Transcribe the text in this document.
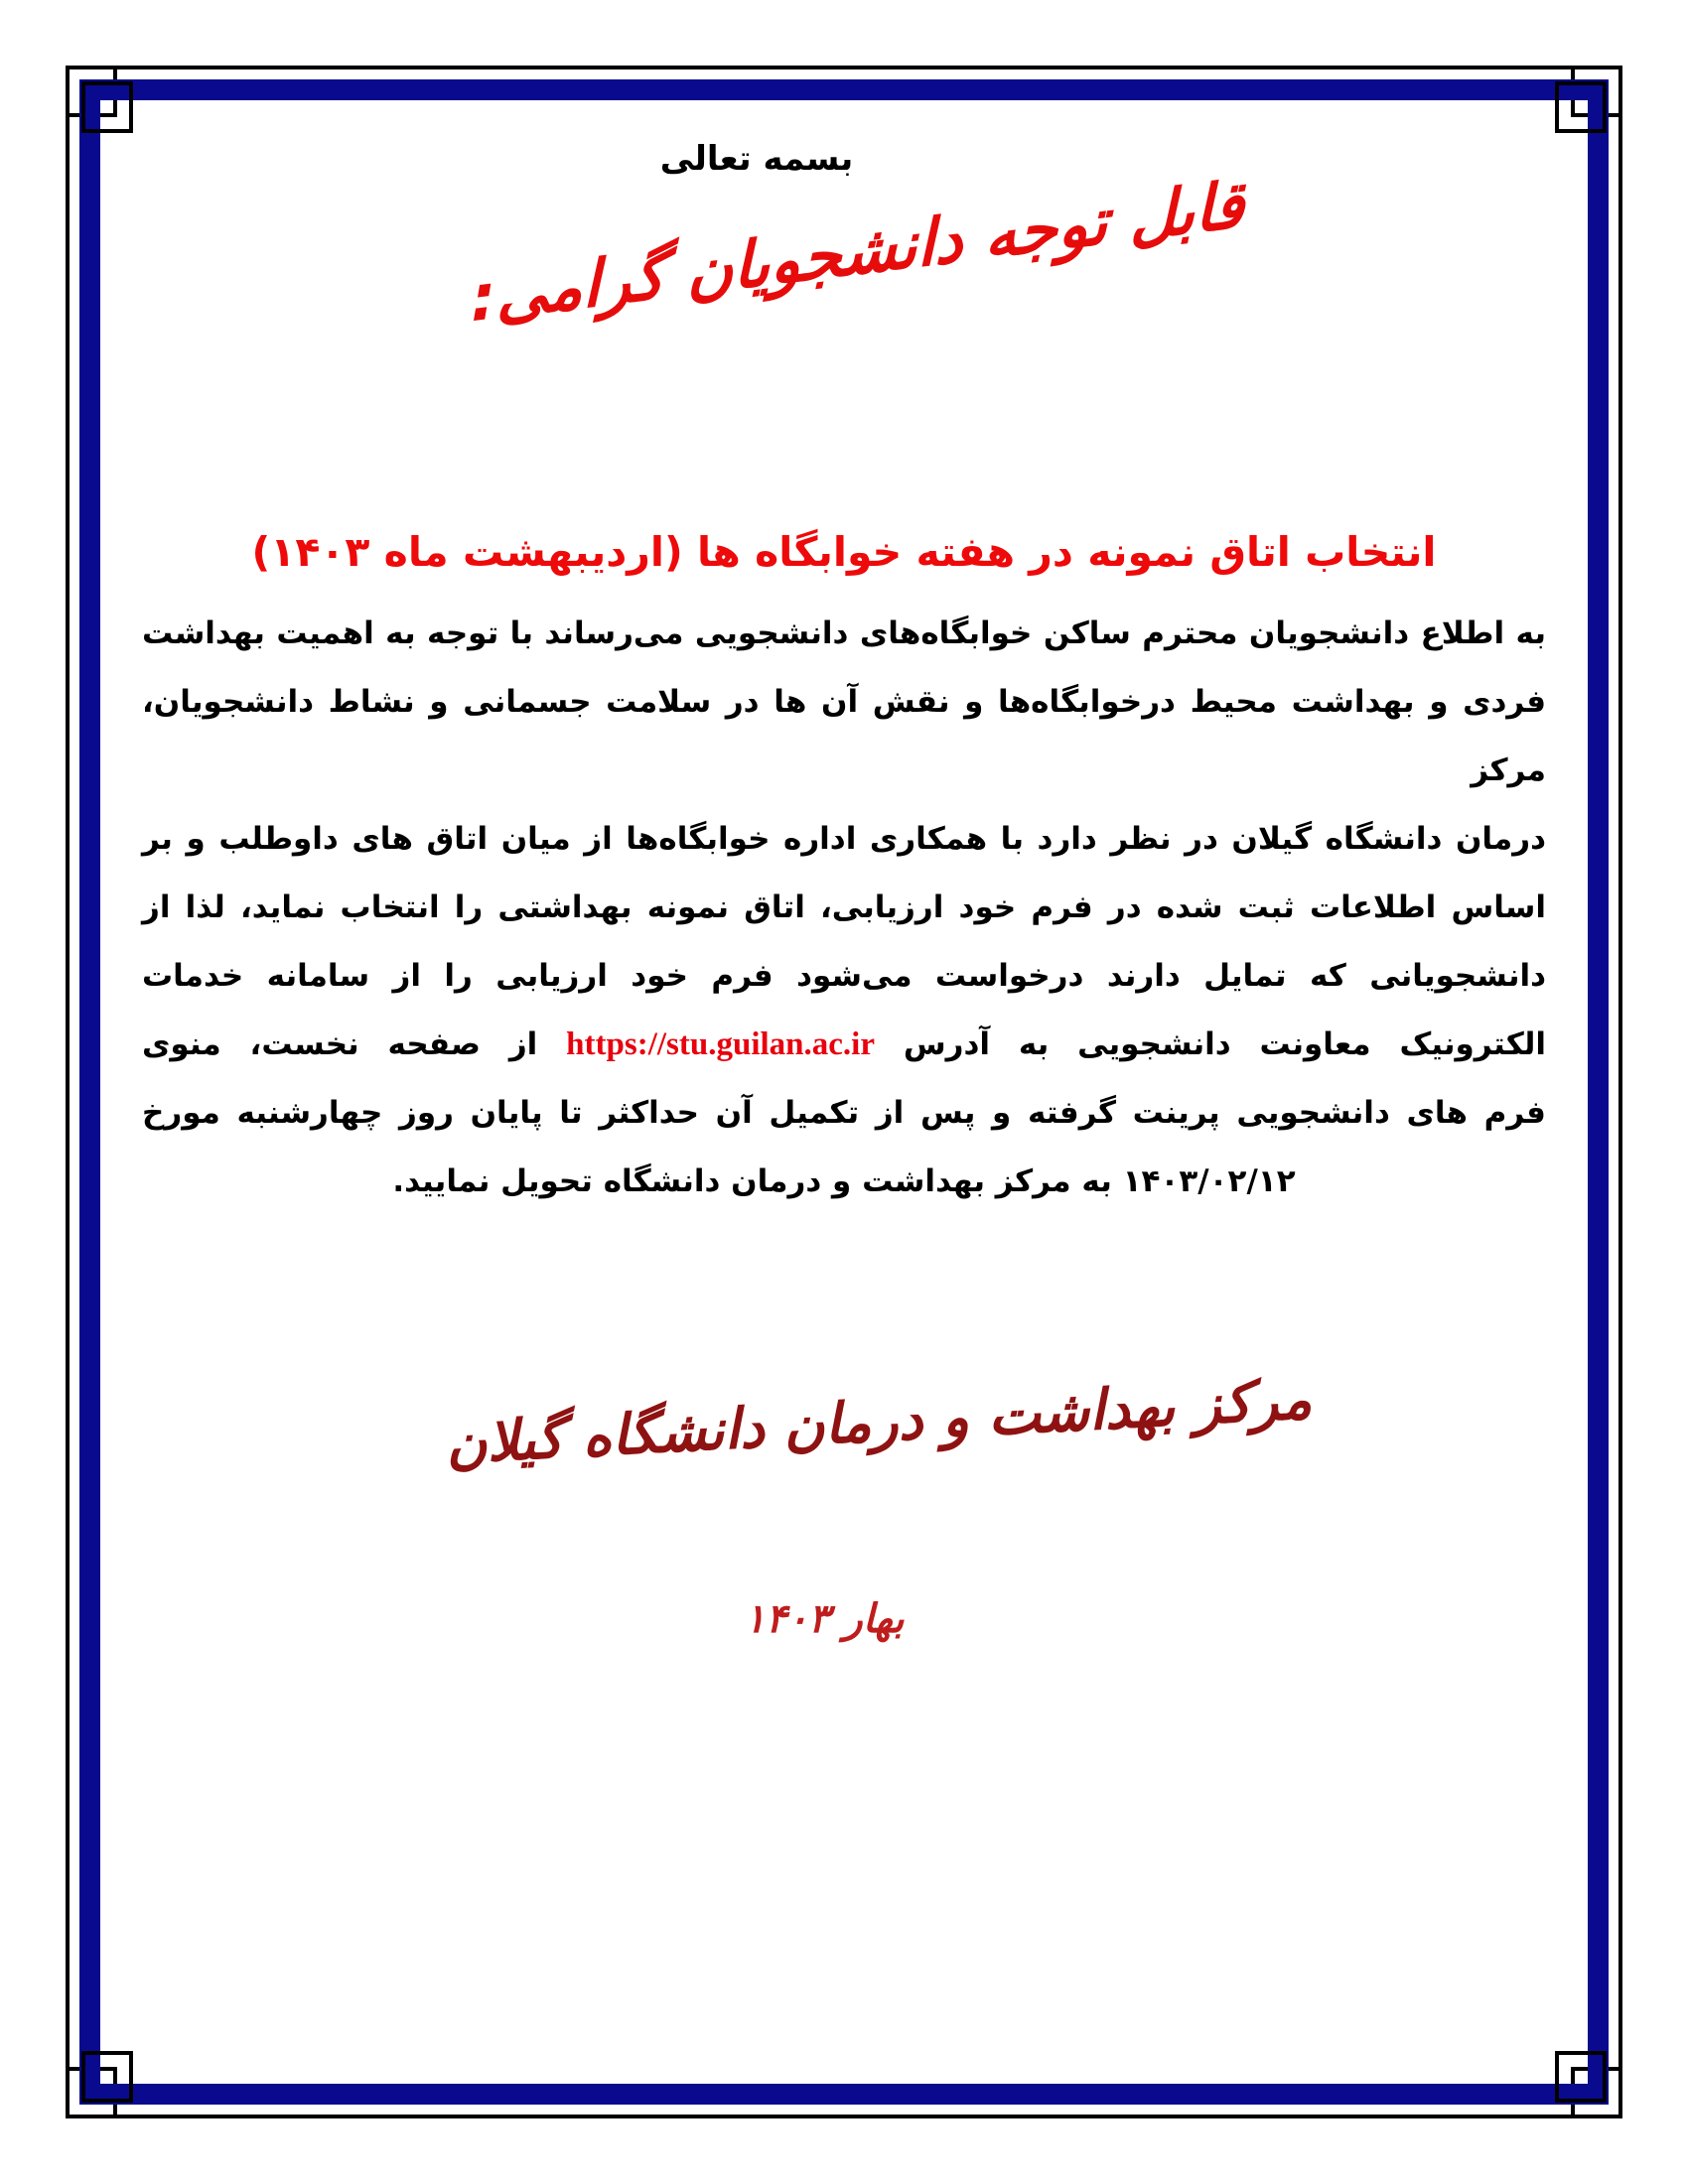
بسمه تعالی
قابل توجه دانشجویان گرامی:
انتخاب اتاق نمونه در هفته خوابگاه ها (اردیبهشت ماه ۱۴۰۳)
به اطلاع دانشجویان محترم ساکن خوابگاه‌های دانشجویی می‌رساند با توجه به اهمیت بهداشت
فردی و بهداشت محیط درخوابگاه‌ها و نقش آن ها در سلامت جسمانی و نشاط دانشجویان، مرکز
درمان دانشگاه گیلان در نظر دارد با همکاری اداره خوابگاه‌ها از میان اتاق های داوطلب و بر
اساس اطلاعات ثبت شده در فرم خود ارزیابی، اتاق نمونه بهداشتی را انتخاب نماید، لذا از
دانشجویانی که تمایل دارند درخواست می‌شود فرم خود ارزیابی را از سامانه خدمات
الکترونیک معاونت دانشجویی به آدرس https://stu.guilan.ac.ir از صفحه نخست، منوی
فرم های دانشجویی پرینت گرفته و پس از تکمیل آن حداکثر تا پایان روز چهارشنبه مورخ
۱۴۰۳/۰۲/۱۲ به مرکز بهداشت و درمان دانشگاه تحویل نمایید.
مرکز بهداشت و درمان دانشگاه گیلان
بهار ۱۴۰۳
